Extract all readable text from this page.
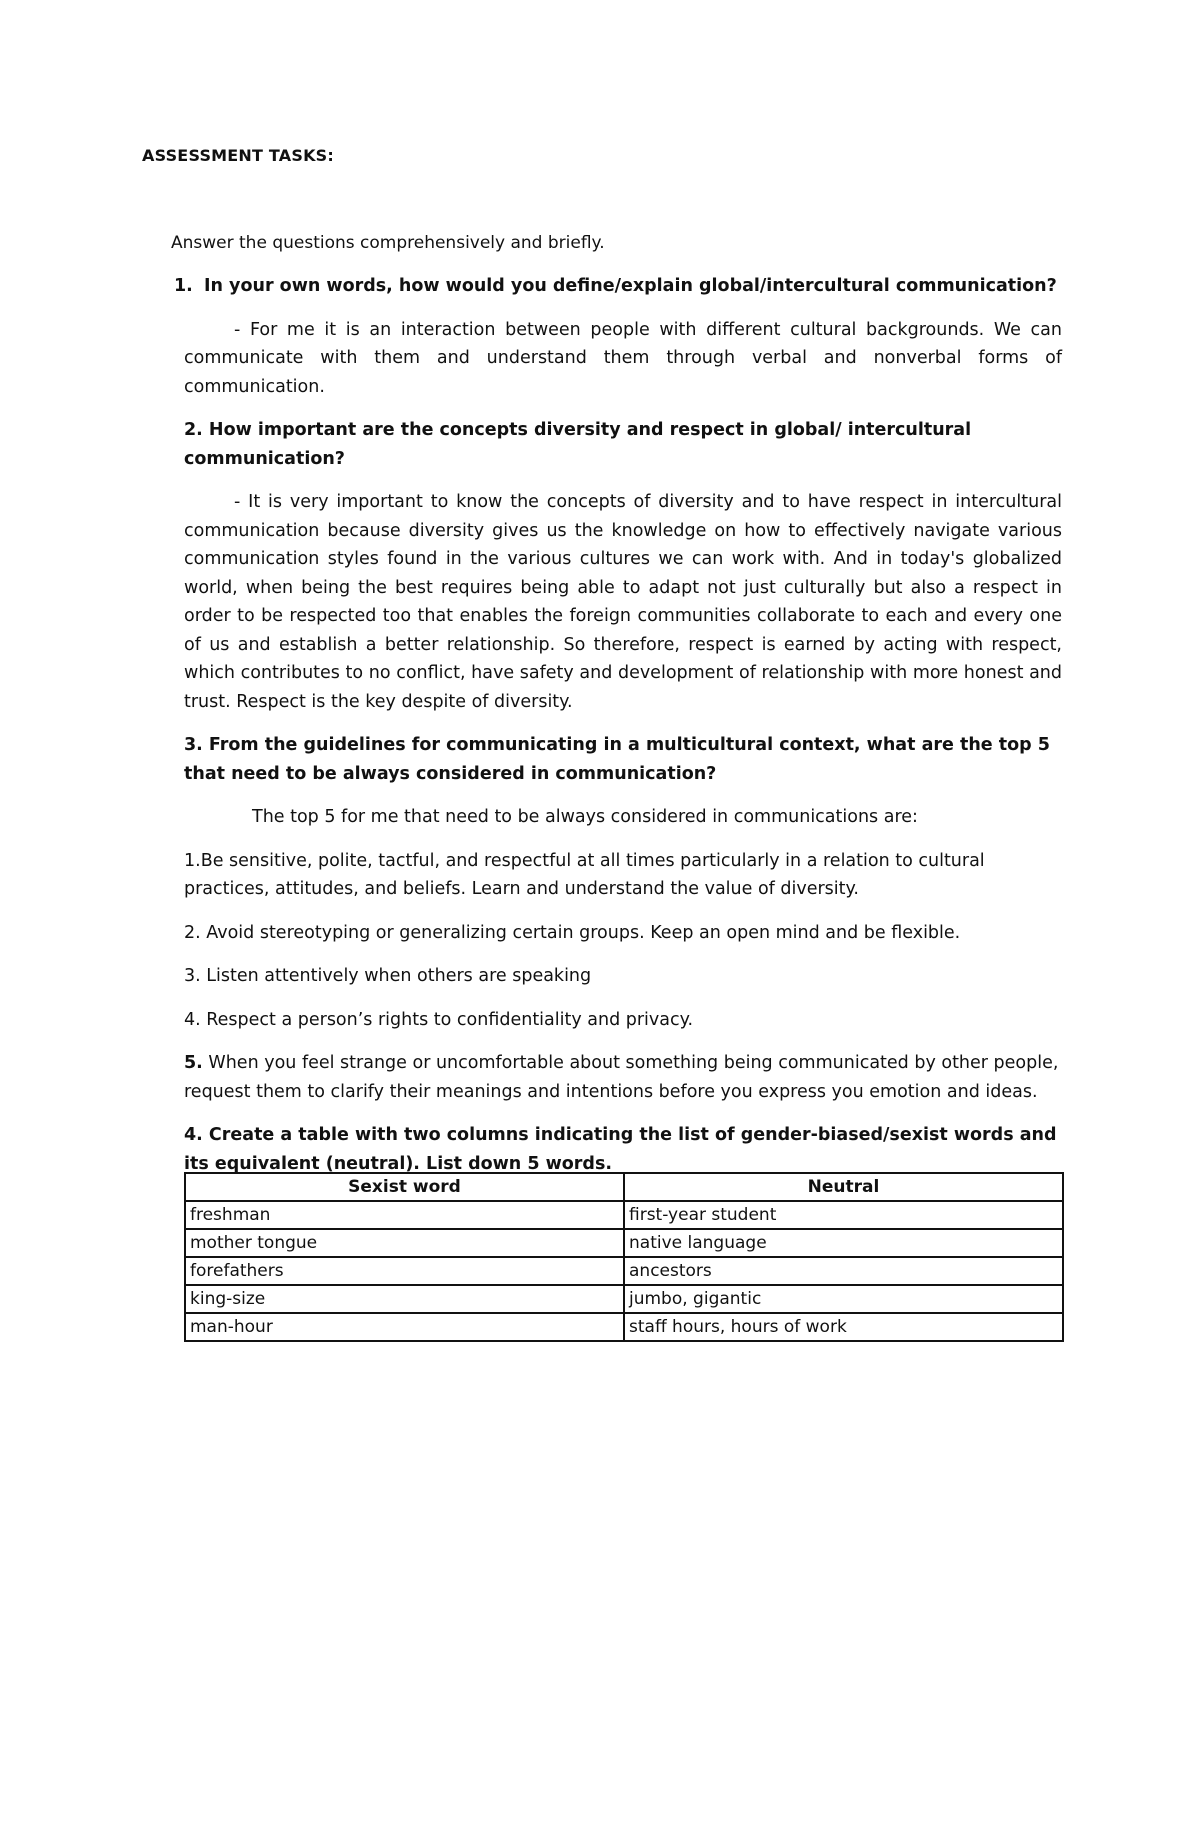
ASSESSMENT TASKS:
Answer the questions comprehensively and briefly.
1. In your own words, how would you define/explain global/intercultural communication?

- For me it is an interaction between people with different cultural backgrounds. We can communicate with them and understand them through verbal and nonverbal forms of communication.

2. How important are the concepts diversity and respect in global/ intercultural communication?

- It is very important to know the concepts of diversity and to have respect in intercultural communication because diversity gives us the knowledge on how to effectively navigate various communication styles found in the various cultures we can work with. And in today's globalized world, when being the best requires being able to adapt not just culturally but also a respect in order to be respected too that enables the foreign communities collaborate to each and every one of us and establish a better relationship. So therefore, respect is earned by acting with respect, which contributes to no conflict, have safety and development of relationship with more honest and trust. Respect is the key despite of diversity.

3. From the guidelines for communicating in a multicultural context, what are the top 5 that need to be always considered in communication?
The top 5 for me that need to be always considered in communications are:
1.Be sensitive, polite, tactful, and respectful at all times particularly in a relation to cultural practices, attitudes, and beliefs. Learn and understand the value of diversity.
2. Avoid stereotyping or generalizing certain groups. Keep an open mind and be flexible.
3. Listen attentively when others are speaking
4. Respect a person’s rights to confidentiality and privacy.
5. When you feel strange or uncomfortable about something being communicated by other people, request them to clarify their meanings and intentions before you express you emotion and ideas.
4. Create a table with two columns indicating the list of gender-biased/sexist words and its equivalent (neutral). List down 5 words.
Sexist word	Neutral
freshman	first-year student
mother tongue	native language
forefathers	ancestors
king-size	jumbo, gigantic
man-hour	staff hours, hours of work
